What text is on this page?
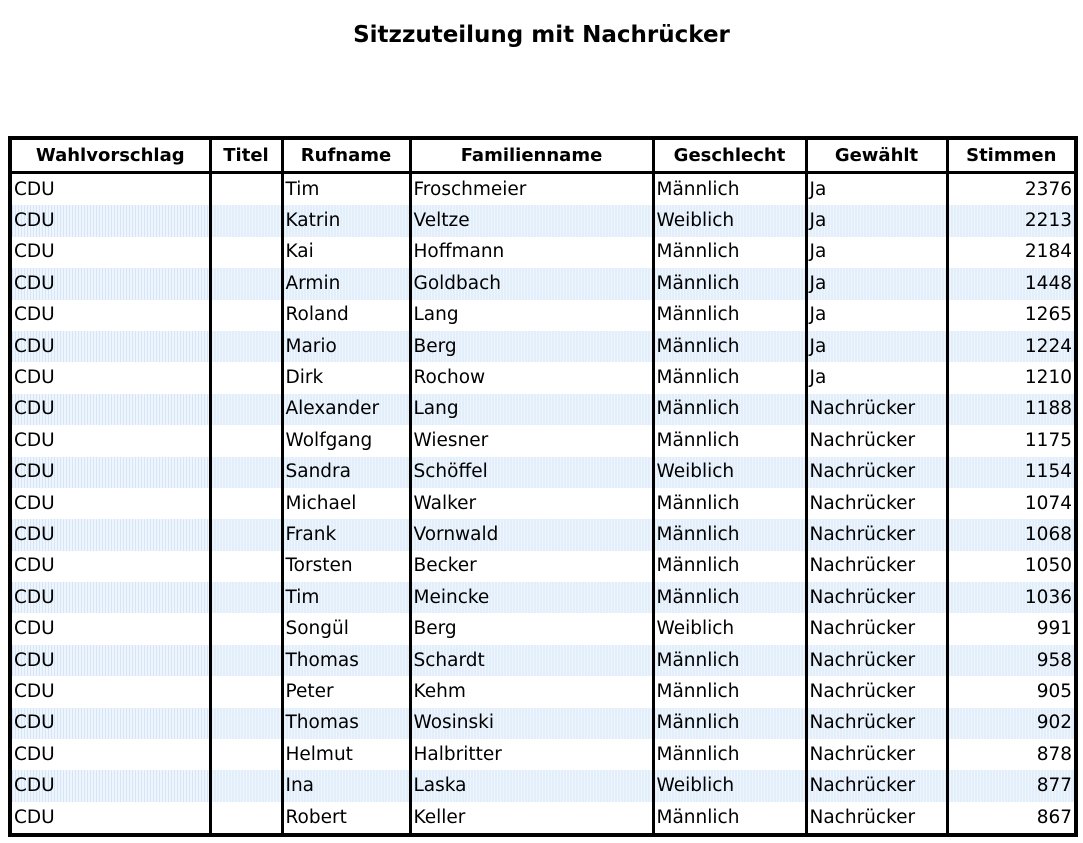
Sitzzuteilung mit Nachrücker
Wahlvorschlag	Titel	Rufname	Familienname	Geschlecht	Gewählt	Stimmen
CDU		Tim	Froschmeier	Männlich	Ja	2376
CDU		Katrin	Veltze	Weiblich	Ja	2213
CDU		Kai	Hoffmann	Männlich	Ja	2184
CDU		Armin	Goldbach	Männlich	Ja	1448
CDU		Roland	Lang	Männlich	Ja	1265
CDU		Mario	Berg	Männlich	Ja	1224
CDU		Dirk	Rochow	Männlich	Ja	1210
CDU		Alexander	Lang	Männlich	Nachrücker	1188
CDU		Wolfgang	Wiesner	Männlich	Nachrücker	1175
CDU		Sandra	Schöffel	Weiblich	Nachrücker	1154
CDU		Michael	Walker	Männlich	Nachrücker	1074
CDU		Frank	Vornwald	Männlich	Nachrücker	1068
CDU		Torsten	Becker	Männlich	Nachrücker	1050
CDU		Tim	Meincke	Männlich	Nachrücker	1036
CDU		Songül	Berg	Weiblich	Nachrücker	991
CDU		Thomas	Schardt	Männlich	Nachrücker	958
CDU		Peter	Kehm	Männlich	Nachrücker	905
CDU		Thomas	Wosinski	Männlich	Nachrücker	902
CDU		Helmut	Halbritter	Männlich	Nachrücker	878
CDU		Ina	Laska	Weiblich	Nachrücker	877
CDU		Robert	Keller	Männlich	Nachrücker	867
